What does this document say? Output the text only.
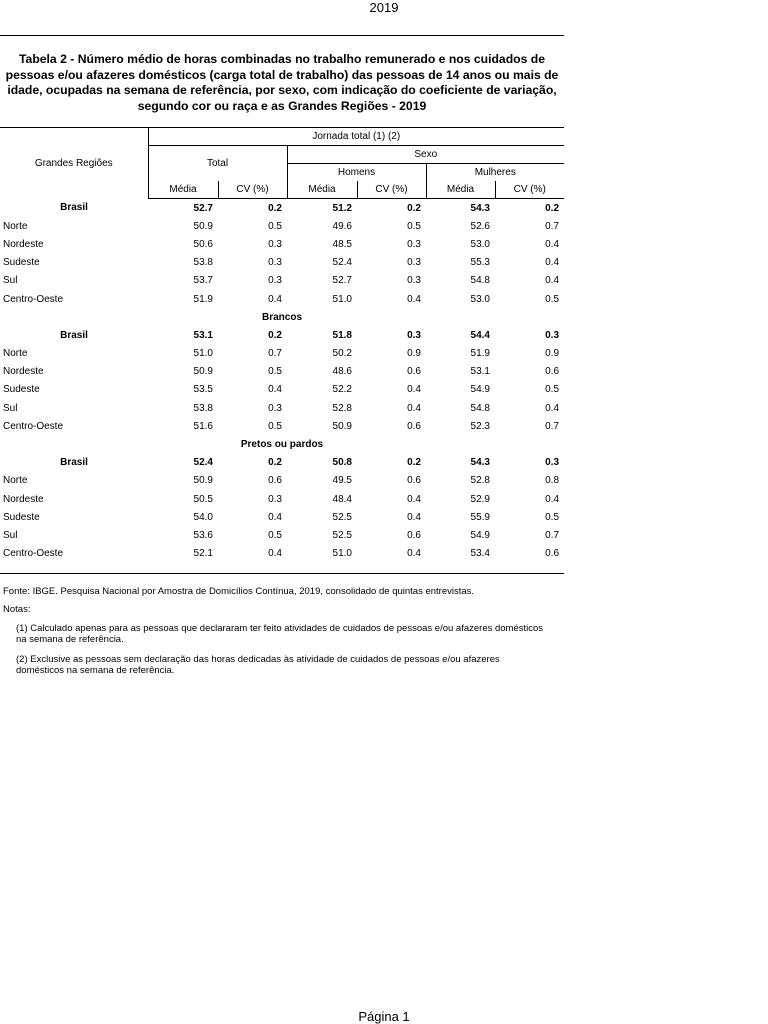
2019
Tabela 2 - Número médio de horas combinadas no trabalho remunerado e nos cuidados de pessoas e/ou afazeres domésticos (carga total de trabalho) das pessoas de 14 anos ou mais de idade, ocupadas na semana de referência, por sexo, com indicação do coeficiente de variação, segundo cor ou raça e as Grandes Regiões - 2019
Grandes Regiões	Jornada total (1) (2)					
	Total		Sexo			
			Homens		Mulheres	
	Média	CV (%)	Média	CV (%)	Média	CV (%)
Brasil	52.7	0.2	51.2	0.2	54.3	0.2
Norte	50.9	0.5	49.6	0.5	52.6	0.7
Nordeste	50.6	0.3	48.5	0.3	53.0	0.4
Sudeste	53.8	0.3	52.4	0.3	55.3	0.4
Sul	53.7	0.3	52.7	0.3	54.8	0.4
Centro-Oeste	51.9	0.4	51.0	0.4	53.0	0.5
Brancos						
Brasil	53.1	0.2	51.8	0.3	54.4	0.3
Norte	51.0	0.7	50.2	0.9	51.9	0.9
Nordeste	50.9	0.5	48.6	0.6	53.1	0.6
Sudeste	53.5	0.4	52.2	0.4	54.9	0.5
Sul	53.8	0.3	52.8	0.4	54.8	0.4
Centro-Oeste	51.6	0.5	50.9	0.6	52.3	0.7
Pretos ou pardos						
Brasil	52.4	0.2	50.8	0.2	54.3	0.3
Norte	50.9	0.6	49.5	0.6	52.8	0.8
Nordeste	50.5	0.3	48.4	0.4	52.9	0.4
Sudeste	54.0	0.4	52.5	0.4	55.9	0.5
Sul	53.6	0.5	52.5	0.6	54.9	0.7
Centro-Oeste	52.1	0.4	51.0	0.4	53.4	0.6
Fonte: IBGE. Pesquisa Nacional por Amostra de Domicílios Contínua, 2019, consolidado de quintas entrevistas.
Notas:
(1) Calculado apenas para as pessoas que declararam ter feito atividades de cuidados de pessoas e/ou afazeres domésticos na semana de referência.
(2) Exclusive as pessoas sem declaração das horas dedicadas às atividade de cuidados de pessoas e/ou afazeres domésticos na semana de referência.
Página 1
